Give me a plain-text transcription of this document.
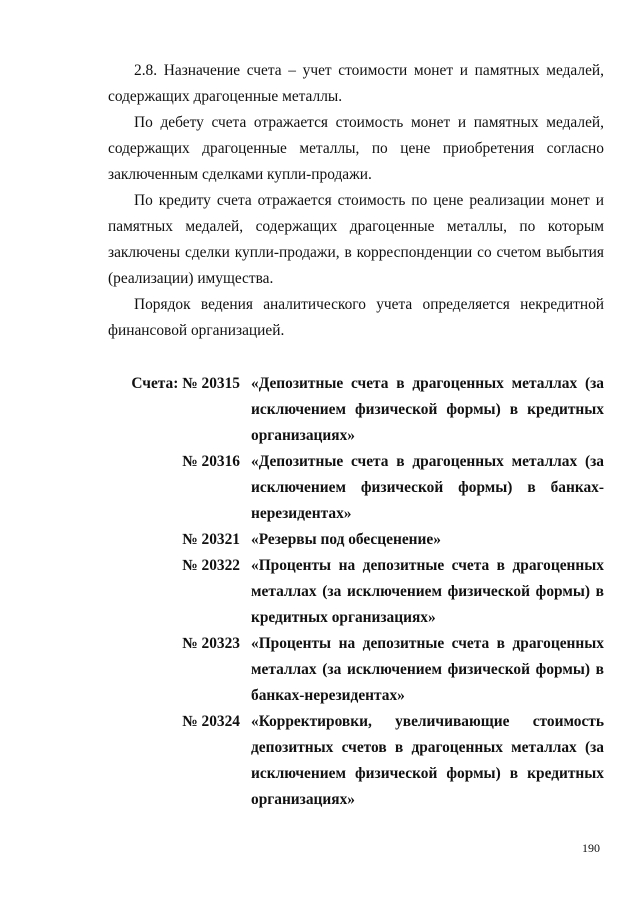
2.8. Назначение счета – учет стоимости монет и памятных медалей, содержащих драгоценные металлы.

По дебету счета отражается стоимость монет и памятных медалей, содержащих драгоценные металлы, по цене приобретения согласно заключенным сделками купли-продажи.

По кредиту счета отражается стоимость по цене реализации монет и памятных медалей, содержащих драгоценные металлы, по которым заключены сделки купли-продажи, в корреспонденции со счетом выбытия (реализации) имущества.

Порядок ведения аналитического учета определяется некредитной финансовой организацией.

Счета: № 20315 «Депозитные счета в драгоценных металлах (за исключением физической формы) в кредитных организациях»
№ 20316 «Депозитные счета в драгоценных металлах (за исключением физической формы) в банках-нерезидентах»
№ 20321 «Резервы под обесценение»
№ 20322 «Проценты на депозитные счета в драгоценных металлах (за исключением физической формы) в кредитных организациях»
№ 20323 «Проценты на депозитные счета в драгоценных металлах (за исключением физической формы) в банках-нерезидентах»
№ 20324 «Корректировки, увеличивающие стоимость депозитных счетов в драгоценных металлах (за исключением физической формы) в кредитных организациях»
190
